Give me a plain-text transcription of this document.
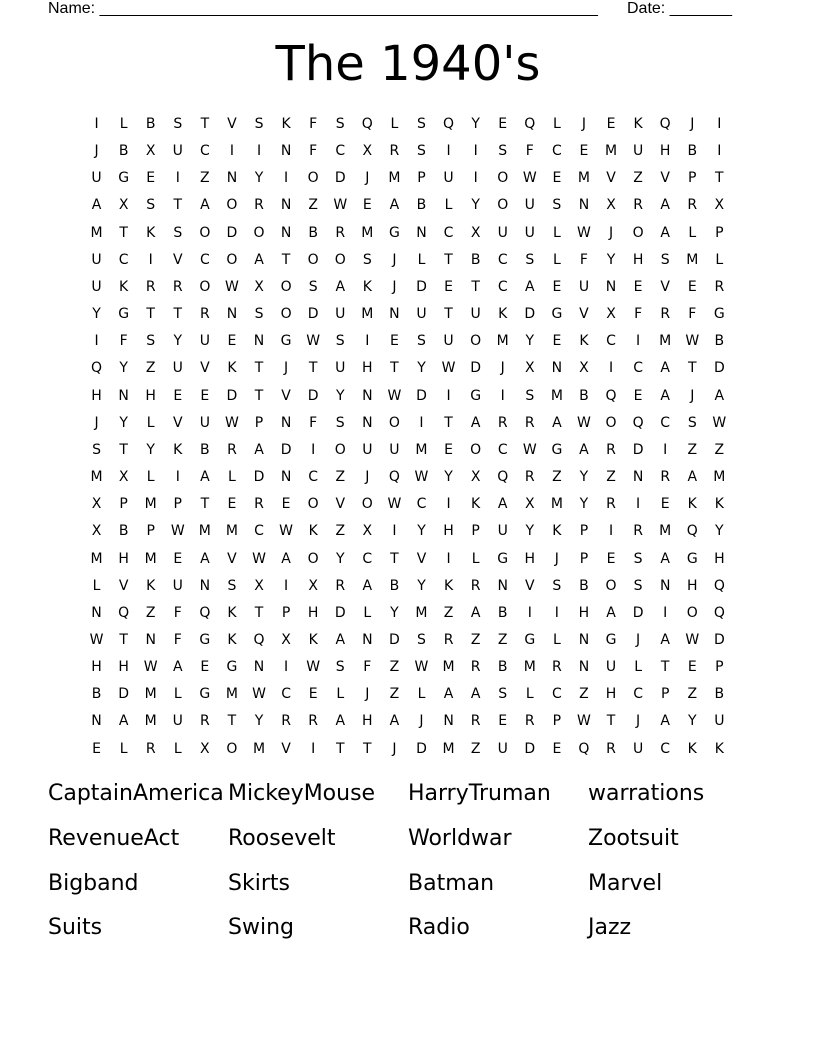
Name: ________________________________________________________ Date: _______
The 1940's
I	L	B	S	T	V	S	K	F	S	Q	L	S	Q	Y	E	Q	L	J	E	K	Q	J	I
J	B	X	U	C	I	I	N	F	C	X	R	S	I	I	S	F	C	E	M	U	H	B	I
U	G	E	I	Z	N	Y	I	O	D	J	M	P	U	I	O	W	E	M	V	Z	V	P	T
A	X	S	T	A	O	R	N	Z	W	E	A	B	L	Y	O	U	S	N	X	R	A	R	X
M	T	K	S	O	D	O	N	B	R	M	G	N	C	X	U	U	L	W	J	O	A	L	P
U	C	I	V	C	O	A	T	O	O	S	J	L	T	B	C	S	L	F	Y	H	S	M	L
U	K	R	R	O	W	X	O	S	A	K	J	D	E	T	C	A	E	U	N	E	V	E	R
Y	G	T	T	R	N	S	O	D	U	M	N	U	T	U	K	D	G	V	X	F	R	F	G
I	F	S	Y	U	E	N	G	W	S	I	E	S	U	O	M	Y	E	K	C	I	M	W	B
Q	Y	Z	U	V	K	T	J	T	U	H	T	Y	W	D	J	X	N	X	I	C	A	T	D
H	N	H	E	E	D	T	V	D	Y	N	W	D	I	G	I	S	M	B	Q	E	A	J	A
J	Y	L	V	U	W	P	N	F	S	N	O	I	T	A	R	R	A	W	O	Q	C	S	W
S	T	Y	K	B	R	A	D	I	O	U	U	M	E	O	C	W	G	A	R	D	I	Z	Z
M	X	L	I	A	L	D	N	C	Z	J	Q	W	Y	X	Q	R	Z	Y	Z	N	R	A	M
X	P	M	P	T	E	R	E	O	V	O	W	C	I	K	A	X	M	Y	R	I	E	K	K
X	B	P	W	M	M	C	W	K	Z	X	I	Y	H	P	U	Y	K	P	I	R	M	Q	Y
M	H	M	E	A	V	W	A	O	Y	C	T	V	I	L	G	H	J	P	E	S	A	G	H
L	V	K	U	N	S	X	I	X	R	A	B	Y	K	R	N	V	S	B	O	S	N	H	Q
N	Q	Z	F	Q	K	T	P	H	D	L	Y	M	Z	A	B	I	I	H	A	D	I	O	Q
W	T	N	F	G	K	Q	X	K	A	N	D	S	R	Z	Z	G	L	N	G	J	A	W	D
H	H	W	A	E	G	N	I	W	S	F	Z	W	M	R	B	M	R	N	U	L	T	E	P
B	D	M	L	G	M	W	C	E	L	J	Z	L	A	A	S	L	C	Z	H	C	P	Z	B
N	A	M	U	R	T	Y	R	R	A	H	A	J	N	R	E	R	P	W	T	J	A	Y	U
E	L	R	L	X	O	M	V	I	T	T	J	D	M	Z	U	D	E	Q	R	U	C	K	K
CaptainAmerica MickeyMouse	HarryTruman	warrations
RevenueAct	Roosevelt	Worldwar	Zootsuit
Bigband	Skirts	Batman	Marvel
Suits	Swing	Radio	Jazz
